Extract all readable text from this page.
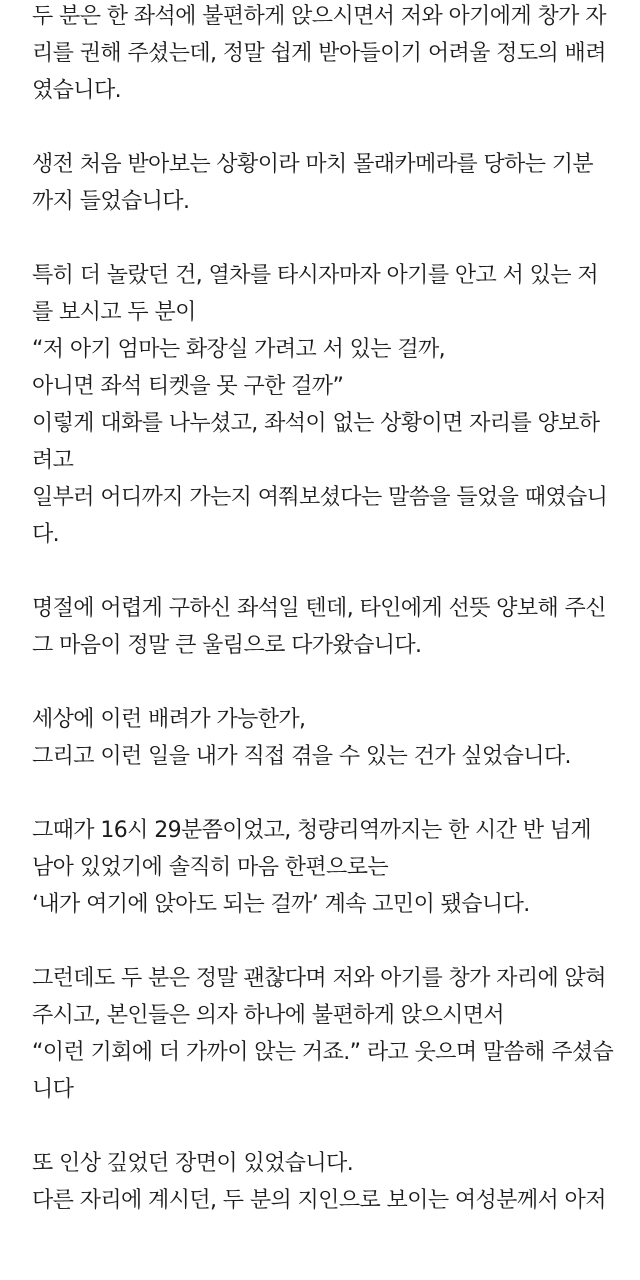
두 분은 한 좌석에 불편하게 앉으시면서 저와 아기에게 창가 자
리를 권해 주셨는데, 정말 쉽게 받아들이기 어려울 정도의 배려
였습니다.
생전 처음 받아보는 상황이라 마치 몰래카메라를 당하는 기분
까지 들었습니다.
특히 더 놀랐던 건, 열차를 타시자마자 아기를 안고 서 있는 저
를 보시고 두 분이
“저 아기 엄마는 화장실 가려고 서 있는 걸까,
아니면 좌석 티켓을 못 구한 걸까”
이렇게 대화를 나누셨고, 좌석이 없는 상황이면 자리를 양보하
려고
일부러 어디까지 가는지 여쭤보셨다는 말씀을 들었을 때였습니
다.
명절에 어렵게 구하신 좌석일 텐데, 타인에게 선뜻 양보해 주신
그 마음이 정말 큰 울림으로 다가왔습니다.
세상에 이런 배려가 가능한가,
그리고 이런 일을 내가 직접 겪을 수 있는 건가 싶었습니다.
그때가 16시 29분쯤이었고, 청량리역까지는 한 시간 반 넘게
남아 있었기에 솔직히 마음 한편으로는
‘내가 여기에 앉아도 되는 걸까’ 계속 고민이 됐습니다.
그런데도 두 분은 정말 괜찮다며 저와 아기를 창가 자리에 앉혀
주시고, 본인들은 의자 하나에 불편하게 앉으시면서
“이런 기회에 더 가까이 앉는 거죠.” 라고 웃으며 말씀해 주셨습
니다
또 인상 깊었던 장면이 있었습니다.
다른 자리에 계시던, 두 분의 지인으로 보이는 여성분께서 아저
